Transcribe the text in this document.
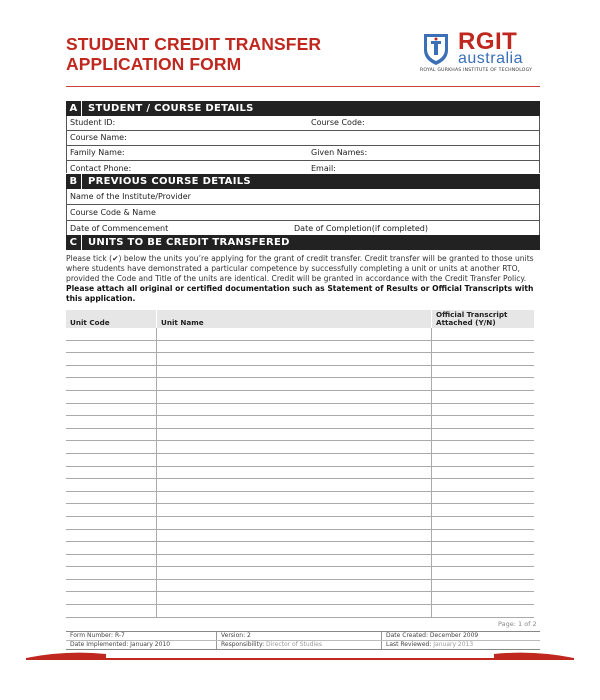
STUDENT CREDIT TRANSFER
APPLICATION FORM
RGIT
australia
ROYAL GURKHAS INSTITUTE OF TECHNOLOGY
A	STUDENT / COURSE DETAILS
Student ID:	Course Code:
Course Name:
Family Name:	Given Names:
Contact Phone:	Email:
B	PREVIOUS COURSE DETAILS
Name of the Institute/Provider
Course Code & Name
Date of Commencement	Date of Completion(if completed)
C	UNITS TO BE CREDIT TRANSFERED
Please tick (✔) below the units you’re applying for the grant of credit transfer. Credit transfer will be granted to those units where students have demonstrated a particular competence by successfully completing a unit or units at another RTO, provided the Code and Title of the units are identical. Credit will be granted in accordance with the Credit Transfer Policy. Please attach all original or certified documentation such as Statement of Results or Official Transcripts with this application.
Unit Code	Unit Name	Official Transcript Attached (Y/N)

Page: 1 of 2
Form Number: R-7	Version: 2	Date Created: December 2009
Date Implemented: January 2010	Responsibility: Director of Studies	Last Reviewed: January 2013
